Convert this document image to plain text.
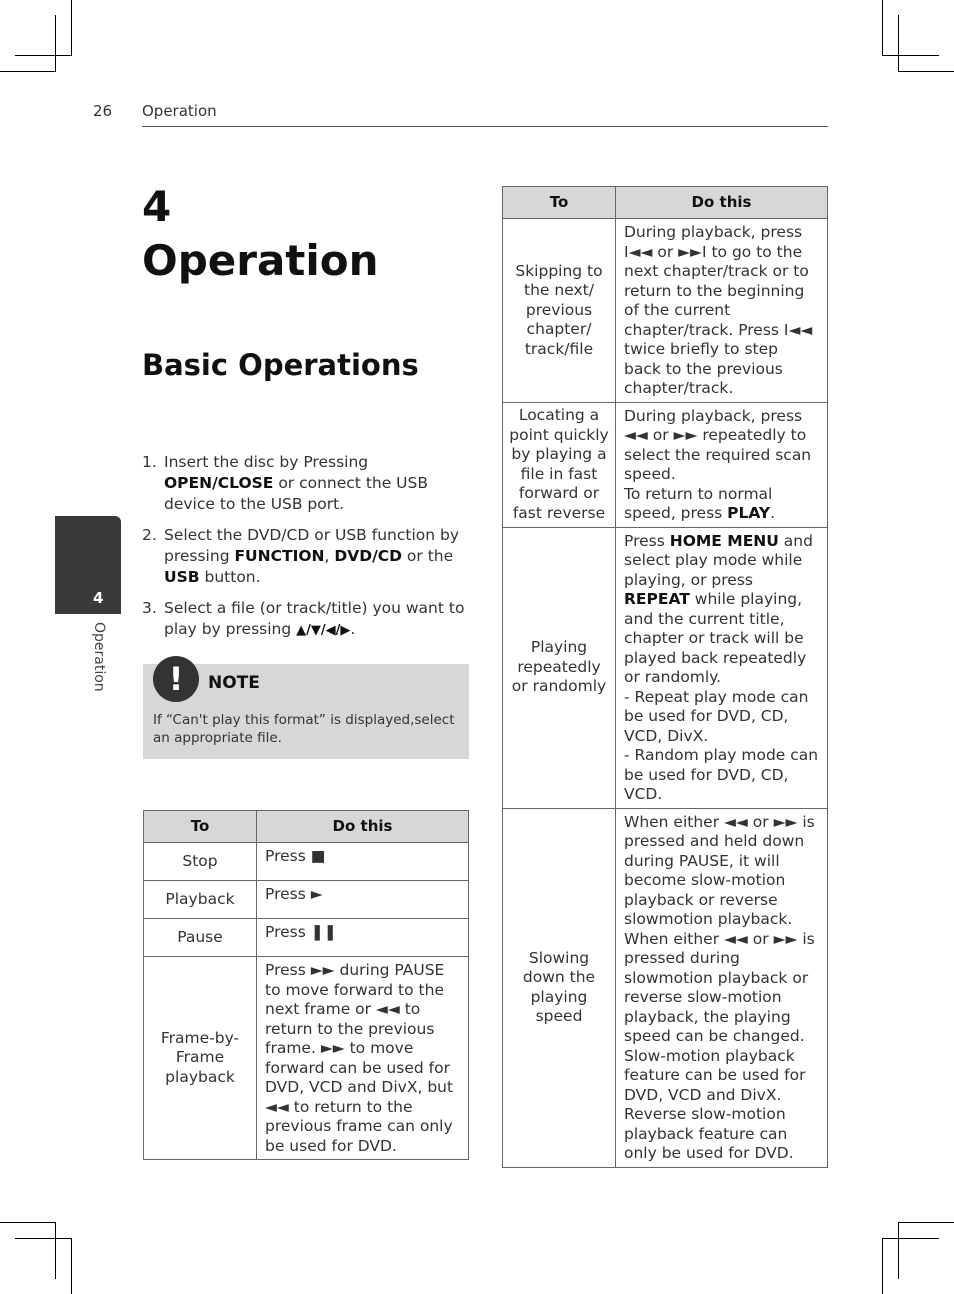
26 Operation
4
Operation
Basic Operations
1. Insert the disc by Pressing OPEN/CLOSE or connect the USB device to the USB port.
2. Select the DVD/CD or USB function by pressing FUNCTION, DVD/CD or the USB button.
3. Select a file (or track/title) you want to play by pressing ▲/▼/◀/▶.
!	NOTE
If “Can't play this format” is displayed,select an appropriate file.
To	Do this
Stop	Press ■
Playback	Press ►
Pause	Press ❚❚
Frame-by-Frame playback	Press ►► during PAUSE to move forward to the next frame or ◄◄ to return to the previous frame. ►► to move forward can be used for DVD, VCD and DivX, but ◄◄ to return to the previous frame can only be used for DVD.
To	Do this
Skipping to the next/ previous chapter/ track/file	During playback, press I◄◄ or ►►I to go to the next chapter/track or to return to the beginning of the current chapter/track. Press I◄◄ twice briefly to step back to the previous chapter/track.
Locating a point quickly by playing a file in fast forward or fast reverse	During playback, press ◄◄ or ►► repeatedly to select the required scan speed.
To return to normal speed, press PLAY.
Playing repeatedly or randomly	Press HOME MENU and select play mode while playing, or press REPEAT while playing, and the current title, chapter or track will be played back repeatedly or randomly.
- Repeat play mode can be used for DVD, CD, VCD, DivX.
- Random play mode can be used for DVD, CD, VCD.
Slowing down the playing speed	When either ◄◄ or ►► is pressed and held down during PAUSE, it will become slow-motion playback or reverse slowmotion playback. When either ◄◄ or ►► is pressed during slowmotion playback or reverse slow-motion playback, the playing speed can be changed. Slow-motion playback feature can be used for DVD, VCD and DivX. Reverse slow-motion playback feature can only be used for DVD.
4
Operation
